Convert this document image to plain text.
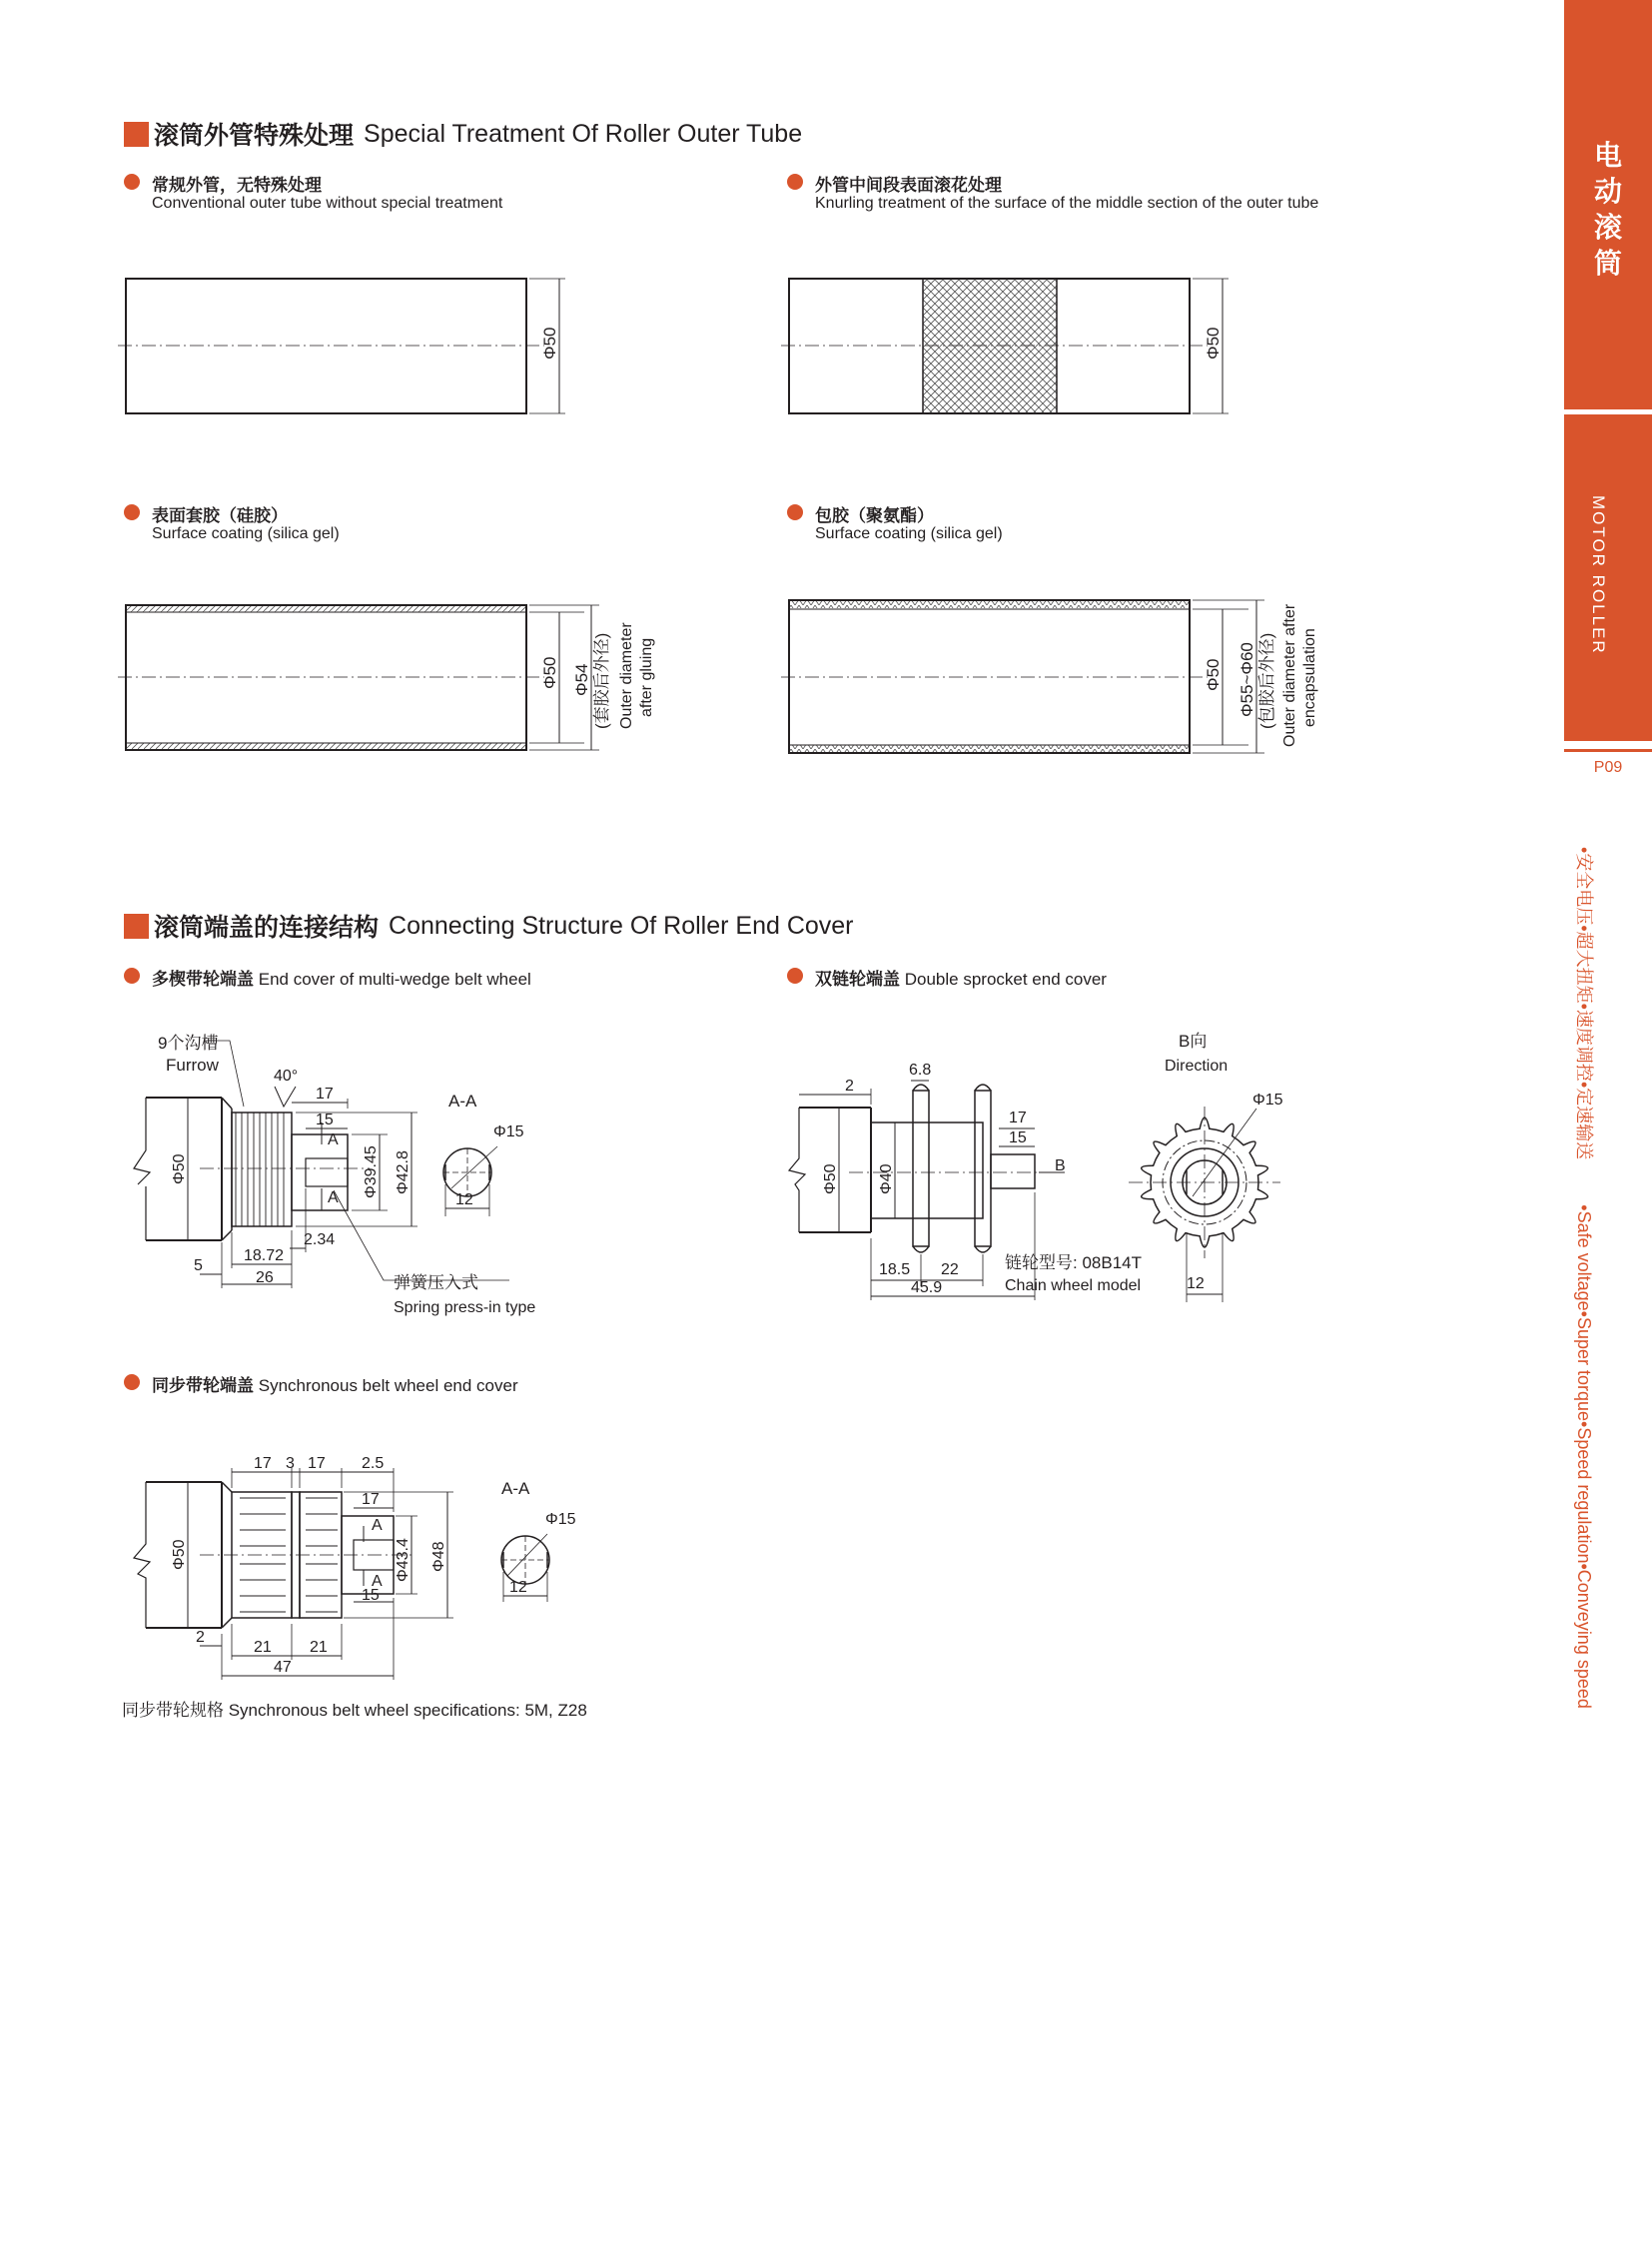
电
动
滚
筒
MOTOR ROLLER
P09
•安全电压•超大扭矩•速度调控•定速输送 •Safe voltage•Super torque•Speed regulation•Conveying speed
滚筒外管特殊处理 Special Treatment Of Roller Outer Tube
常规外管，无特殊处理
Conventional outer tube without special treatment
外管中间段表面滚花处理
Knurling treatment of the surface of the middle section of the outer tube
表面套胶（硅胶）
Surface coating (silica gel)
包胶（聚氨酯）
Surface coating (silica gel)
Φ50	Φ50
Φ50 Φ54 (套胶后外径) Outer diameter after gluing	Φ50 Φ55~Φ60 (包胶后外径) Outer diameter after encapsulation
9个沟槽
Furrow
40°
17
15
A
A
A-A
Φ15
12
Φ50	Φ39.45 Φ42.8
2.34
18.72
5
26	弹簧压入式
Spring press-in type
2
6.8
17
15
B
Φ50 Φ40
18.5 22
45.9
链轮型号: 08B14T
Chain wheel model
B向
Direction
Φ15
12
17 3 17 2.5
17
A
A
15
A-A
Φ15
12
Φ50	Φ43.4 Φ48
2
21 21
47
滚筒端盖的连接结构 Connecting Structure Of Roller End Cover
多楔带轮端盖 End cover of multi-wedge belt wheel	双链轮端盖 Double sprocket end cover
同步带轮端盖 Synchronous belt wheel end cover
同步带轮规格 Synchronous belt wheel specifications: 5M, Z28
